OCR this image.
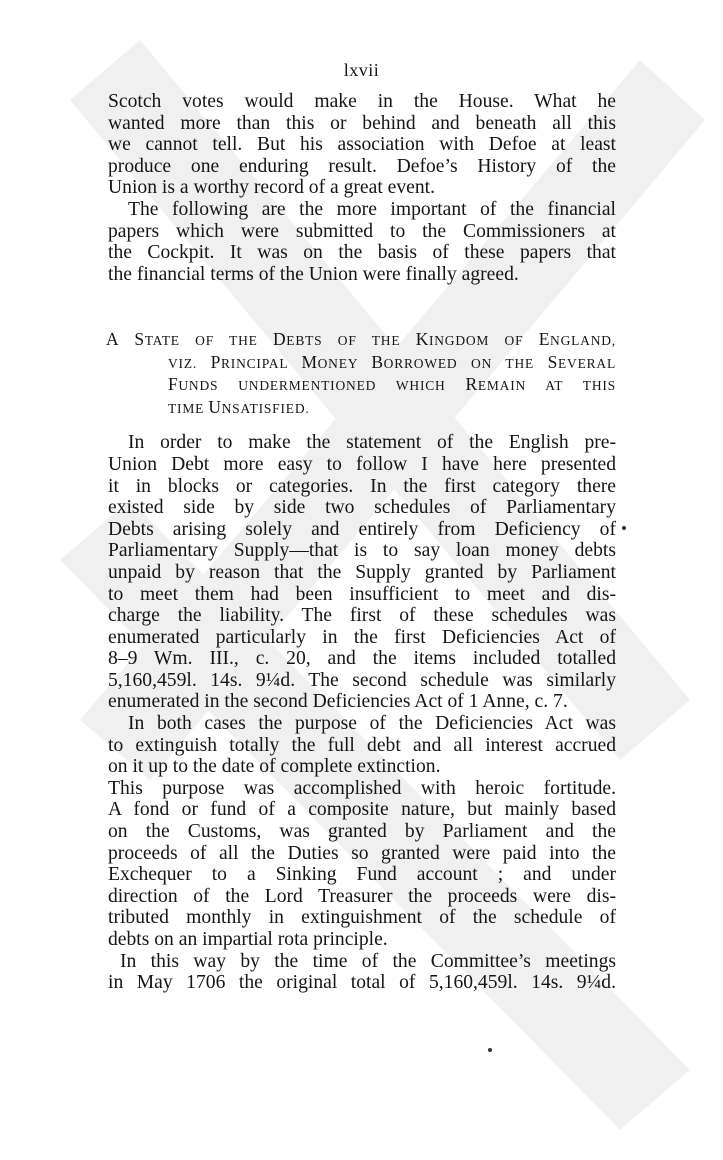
lxvii

Scotch votes would make in the House. What he
wanted more than this or behind and beneath all this
we cannot tell. But his association with Defoe at least
produce one enduring result. Defoe’s History of the
Union is a worthy record of a great event.

The following are the more important of the financial
papers which were submitted to the Commissioners at
the Cockpit. It was on the basis of these papers that
the financial terms of the Union were finally agreed.

A STATE OF THE DEBTS OF THE KINGDOM OF ENGLAND,
VIZ. PRINCIPAL MONEY BORROWED ON THE SEVERAL
FUNDS UNDERMENTIONED WHICH REMAIN AT THIS
TIME UNSATISFIED.

In order to make the statement of the English pre-
Union Debt more easy to follow I have here presented
it in blocks or categories. In the first category there
existed side by side two schedules of Parliamentary
Debts arising solely and entirely from Deficiency of
Parliamentary Supply—that is to say loan money debts
unpaid by reason that the Supply granted by Parliament
to meet them had been insufficient to meet and dis-
charge the liability. The first of these schedules was
enumerated particularly in the first Deficiencies Act of
8–9 Wm. III., c. 20, and the items included totalled
5,160,459l. 14s. 9¼d. The second schedule was similarly
enumerated in the second Deficiencies Act of 1 Anne, c. 7.

In both cases the purpose of the Deficiencies Act was
to extinguish totally the full debt and all interest accrued
on it up to the date of complete extinction.

This purpose was accomplished with heroic fortitude.
A fond or fund of a composite nature, but mainly based
on the Customs, was granted by Parliament and the
proceeds of all the Duties so granted were paid into the
Exchequer to a Sinking Fund account ; and under
direction of the Lord Treasurer the proceeds were dis-
tributed monthly in extinguishment of the schedule of
debts on an impartial rota principle.

In this way by the time of the Committee’s meetings
in May 1706 the original total of 5,160,459l. 14s. 9¼d.
